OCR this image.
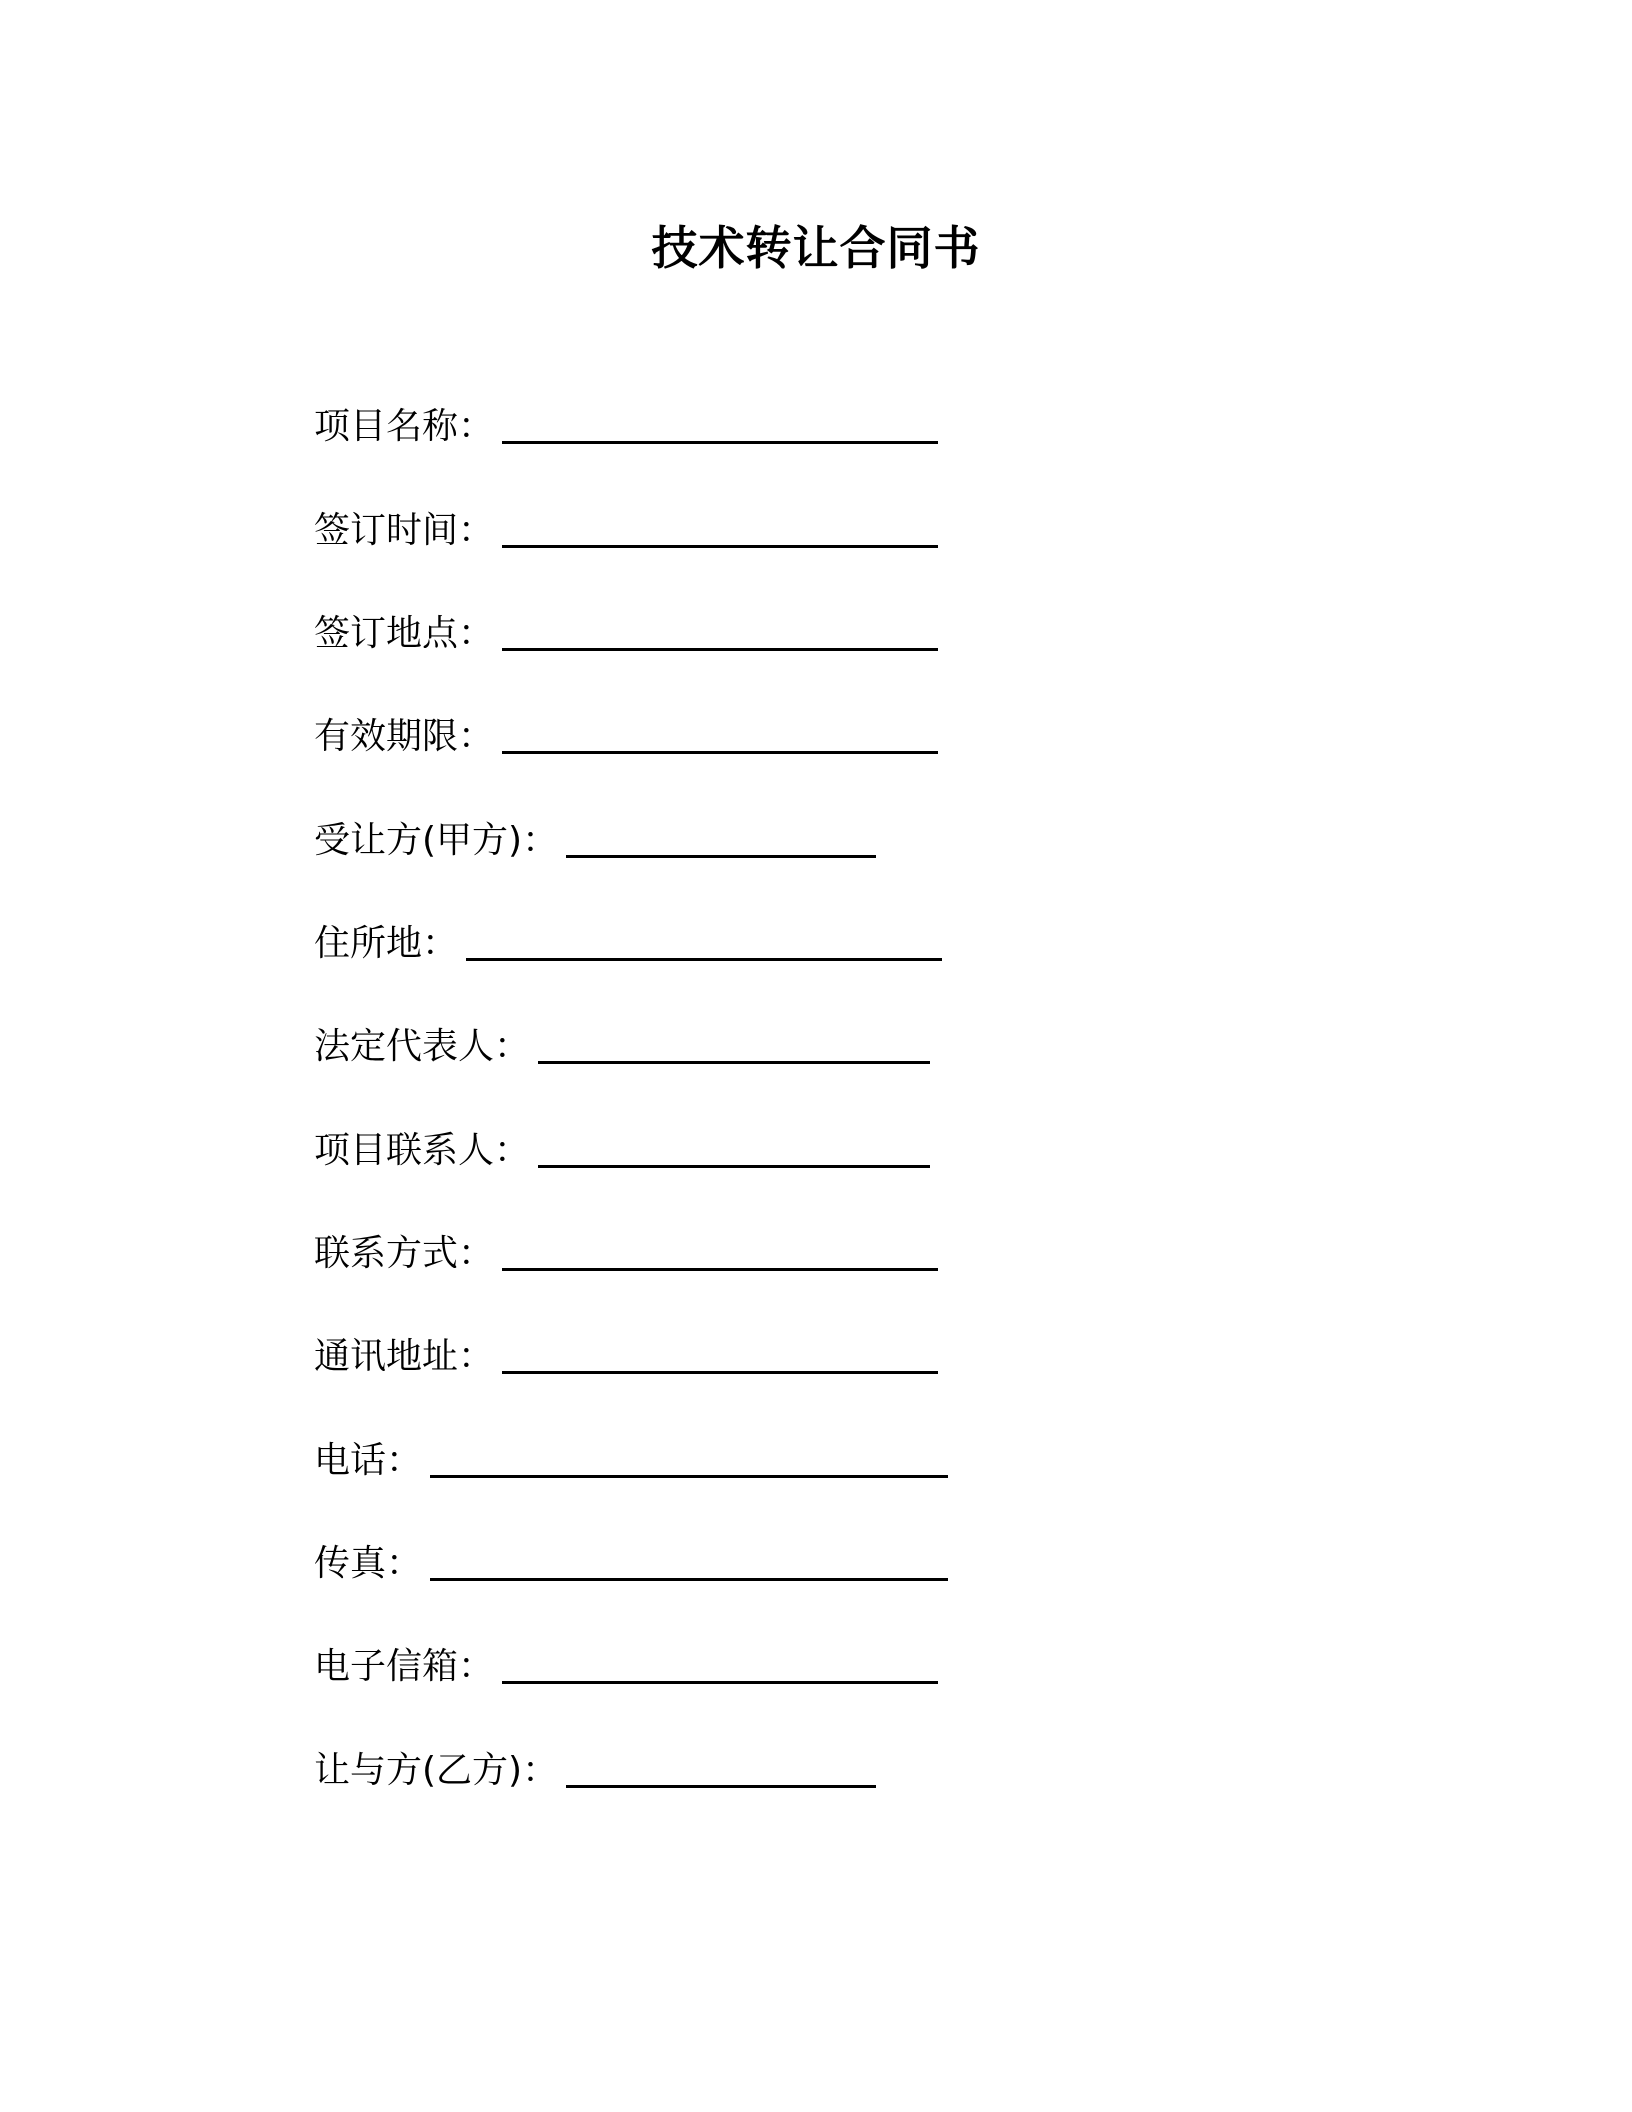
技术转让合同书
项目名称：
签订时间：
签订地点：
有效期限：
受让方(甲方)：
住所地：
法定代表人：
项目联系人：
联系方式：
通讯地址：
电话：
传真：
电子信箱：
让与方(乙方)：
